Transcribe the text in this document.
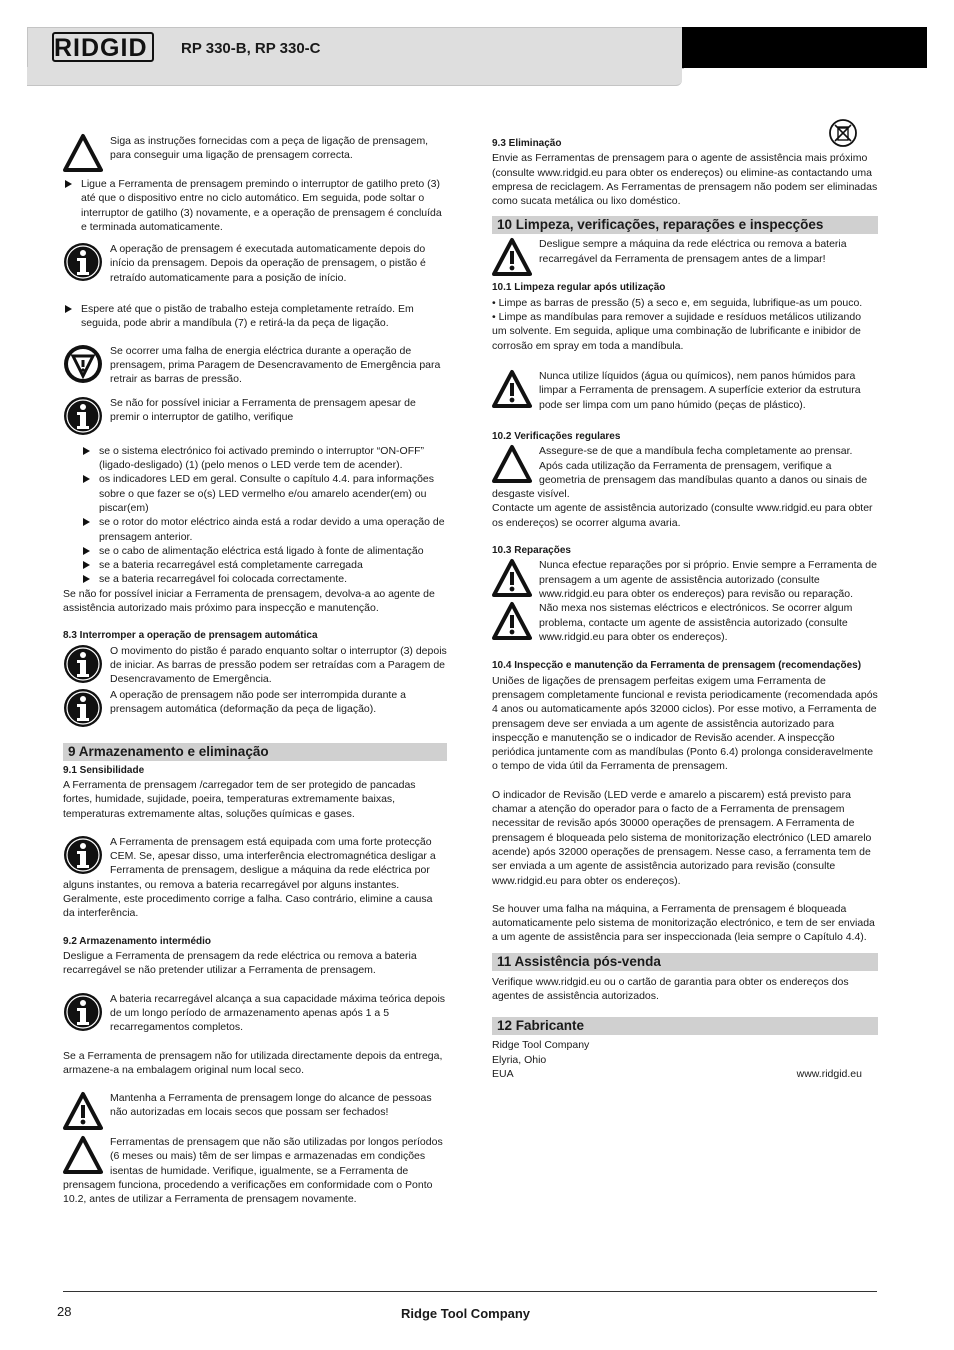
RIDGID RP 330-B, RP 330-C

Siga as instruções fornecidas com a peça de ligação de prensagem, para conseguir uma ligação de prensagem correcta.

Ligue a Ferramenta de prensagem premindo o interruptor de gatilho preto (3) até que o dispositivo entre no ciclo automático. Em seguida, pode soltar o interruptor de gatilho (3) novamente, e a operação de prensagem é concluída e terminada automaticamente.

A operação de prensagem é executada automaticamente depois do início da prensagem. Depois da operação de prensagem, o pistão é retraído automaticamente para a posição de início.

Espere até que o pistão de trabalho esteja completamente retraído. Em seguida, pode abrir a mandíbula (7) e retirá-la da peça de ligação.

Se ocorrer uma falha de energia eléctrica durante a operação de prensagem, prima Paragem de Desencravamento de Emergência para retrair as barras de pressão.

Se não for possível iniciar a Ferramenta de prensagem apesar de premir o interruptor de gatilho, verifique

se o sistema electrónico foi activado premindo o interruptor “ON-OFF” (ligado-desligado) (1) (pelo menos o LED verde tem de acender).

os indicadores LED em geral. Consulte o capítulo 4.4. para informações sobre o que fazer se o(s) LED vermelho e/ou amarelo acender(em) ou piscar(em)

se o rotor do motor eléctrico ainda está a rodar devido a uma operação de prensagem anterior.

se o cabo de alimentação eléctrica está ligado à fonte de alimentação

se a bateria recarregável está completamente carregada

se a bateria recarregável foi colocada correctamente.

Se não for possível iniciar a Ferramenta de prensagem, devolva-a ao agente de assistência autorizado mais próximo para inspecção e manutenção.

8.3 Interromper a operação de prensagem automática

O movimento do pistão é parado enquanto soltar o interruptor (3) depois de iniciar. As barras de pressão podem ser retraídas com a Paragem de Desencravamento de Emergência.

A operação de prensagem não pode ser interrompida durante a prensagem automática (deformação da peça de ligação).

9 Armazenamento e eliminação

9.1 Sensibilidade

A Ferramenta de prensagem /carregador tem de ser protegido de pancadas fortes, humidade, sujidade, poeira, temperaturas extremamente baixas, temperaturas extremamente altas, soluções químicas e gases.

A Ferramenta de prensagem está equipada com uma forte protecção CEM. Se, apesar disso, uma interferência electromagnética desligar a Ferramenta de prensagem, desligue a máquina da rede eléctrica por

alguns instantes, ou remova a bateria recarregável por alguns instantes. Geralmente, este procedimento corrige a falha. Caso contrário, elimine a causa da interferência.

9.2 Armazenamento intermédio

Desligue a Ferramenta de prensagem da rede eléctrica ou remova a bateria recarregável se não pretender utilizar a Ferramenta de prensagem.

A bateria recarregável alcança a sua capacidade máxima teórica depois de um longo período de armazenamento apenas após 1 a 5 recarregamentos completos.

Se a Ferramenta de prensagem não for utilizada directamente depois da entrega, armazene-a na embalagem original num local seco.

Mantenha a Ferramenta de prensagem longe do alcance de pessoas não autorizadas em locais secos que possam ser fechados!

Ferramentas de prensagem que não são utilizadas por longos períodos (6 meses ou mais) têm de ser limpas e armazenadas em condições isentas de humidade. Verifique, igualmente, se a Ferramenta de

prensagem funciona, procedendo a verificações em conformidade com o Ponto 10.2, antes de utilizar a Ferramenta de prensagem novamente.

9.3 Eliminação

Envie as Ferramentas de prensagem para o agente de assistência mais próximo (consulte www.ridgid.eu para obter os endereços) ou elimine-as contactando uma empresa de reciclagem. As Ferramentas de prensagem não podem ser eliminadas como sucata metálica ou lixo doméstico.

10 Limpeza, verificações, reparações e inspecções

Desligue sempre a máquina da rede eléctrica ou remova a bateria recarregável da Ferramenta de prensagem antes de a limpar!

10.1 Limpeza regular após utilização

• Limpe as barras de pressão (5) a seco e, em seguida, lubrifique-as um pouco.

• Limpe as mandíbulas para remover a sujidade e resíduos metálicos utilizando um solvente. Em seguida, aplique uma combinação de lubrificante e inibidor de corrosão em spray em toda a mandíbula.

Nunca utilize líquidos (água ou químicos), nem panos húmidos para limpar a Ferramenta de prensagem. A superfície exterior da estrutura pode ser limpa com um pano húmido (peças de plástico).

10.2 Verificações regulares

Assegure-se de que a mandíbula fecha completamente ao prensar. Após cada utilização da Ferramenta de prensagem, verifique a geometria de prensagem das mandíbulas quanto a danos ou sinais de

desgaste visível.

Contacte um agente de assistência autorizado (consulte www.ridgid.eu para obter os endereços) se ocorrer alguma avaria.

10.3 Reparações

Nunca efectue reparações por si próprio. Envie sempre a Ferramenta de prensagem a um agente de assistência autorizado (consulte www.ridgid.eu para obter os endereços) para revisão ou reparação.

Não mexa nos sistemas eléctricos e electrónicos. Se ocorrer algum problema, contacte um agente de assistência autorizado (consulte www.ridgid.eu para obter os endereços).

10.4 Inspecção e manutenção da Ferramenta de prensagem (recomendações)

Uniões de ligações de prensagem perfeitas exigem uma Ferramenta de prensagem completamente funcional e revista periodicamente (recomendada após 4 anos ou automaticamente após 32000 ciclos). Por esse motivo, a Ferramenta de prensagem deve ser enviada a um agente de assistência autorizado para inspecção e manutenção se o indicador de Revisão acender. A inspecção periódica juntamente com as mandíbulas (Ponto 6.4) prolonga consideravelmente o tempo de vida útil da Ferramenta de prensagem.

O indicador de Revisão (LED verde e amarelo a piscarem) está previsto para chamar a atenção do operador para o facto de a Ferramenta de prensagem necessitar de revisão após 30000 operações de prensagem. A Ferramenta de prensagem é bloqueada pelo sistema de monitorização electrónico (LED amarelo acende) após 32000 operações de prensagem. Nesse caso, a ferramenta tem de ser enviada a um agente de assistência autorizado para revisão (consulte www.ridgid.eu para obter os endereços).

Se houver uma falha na máquina, a Ferramenta de prensagem é bloqueada automaticamente pelo sistema de monitorização electrónico, e tem de ser enviada a um agente de assistência para ser inspeccionada (leia sempre o Capítulo 4.4).

11 Assistência pós-venda

Verifique www.ridgid.eu ou o cartão de garantia para obter os endereços dos agentes de assistência autorizados.

12 Fabricante

Ridge Tool Company

Elyria, Ohio

EUA	www.ridgid.eu

28	Ridge Tool Company
